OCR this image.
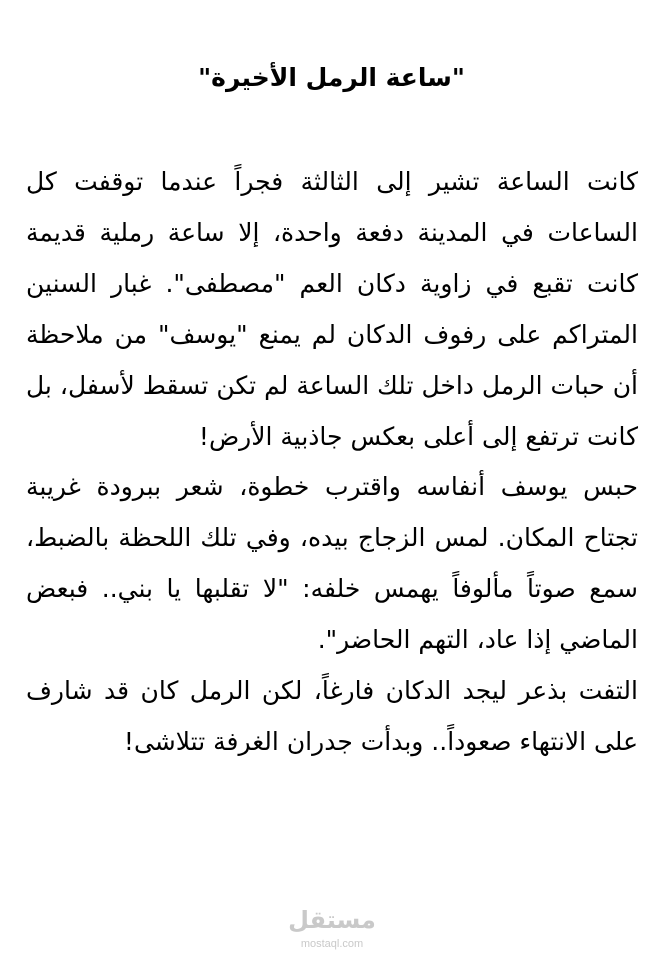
"ساعة الرمل الأخيرة"

كانت الساعة تشير إلى الثالثة فجراً عندما توقفت كل الساعات في المدينة دفعة واحدة، إلا ساعة رملية قديمة كانت تقبع في زاوية دكان العم "مصطفى". غبار السنين المتراكم على رفوف الدكان لم يمنع "يوسف" من ملاحظة أن حبات الرمل داخل تلك الساعة لم تكن تسقط لأسفل، بل كانت ترتفع إلى أعلى بعكس جاذبية الأرض!

حبس يوسف أنفاسه واقترب خطوة، شعر ببرودة غريبة تجتاح المكان. لمس الزجاج بيده، وفي تلك اللحظة بالضبط، سمع صوتاً مألوفاً يهمس خلفه: "لا تقلبها يا بني.. فبعض الماضي إذا عاد، التهم الحاضر".

التفت بذعر ليجد الدكان فارغاً، لكن الرمل كان قد شارف على الانتهاء صعوداً.. وبدأت جدران الغرفة تتلاشى!

مستقل
mostaql.com
